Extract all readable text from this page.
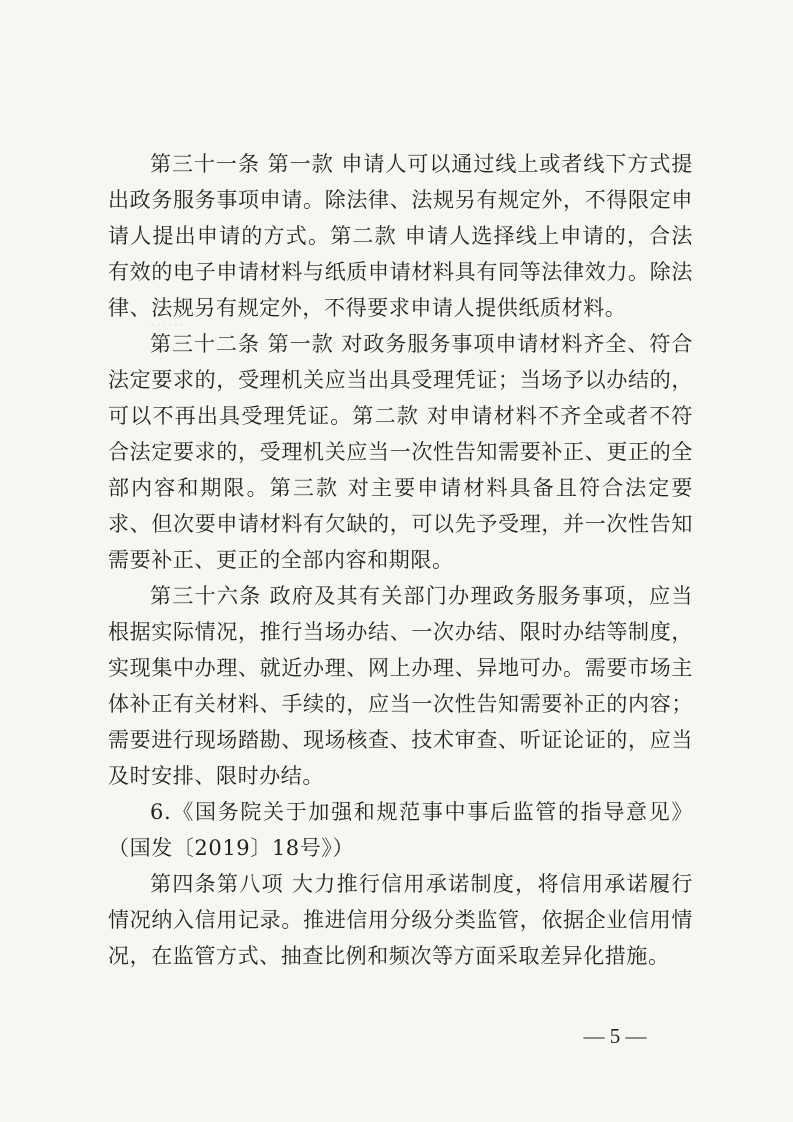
······

第三十一条 第一款 申请人可以通过线上或者线下方式提出政务服务事项申请。除法律、法规另有规定外，不得限定申请人提出申请的方式。第二款 申请人选择线上申请的，合法有效的电子申请材料与纸质申请材料具有同等法律效力。除法律、法规另有规定外，不得要求申请人提供纸质材料。

第三十二条 第一款 对政务服务事项申请材料齐全、符合法定要求的，受理机关应当出具受理凭证；当场予以办结的，可以不再出具受理凭证。第二款 对申请材料不齐全或者不符合法定要求的，受理机关应当一次性告知需要补正、更正的全部内容和期限。第三款 对主要申请材料具备且符合法定要求、但次要申请材料有欠缺的，可以先予受理，并一次性告知需要补正、更正的全部内容和期限。

第三十六条 政府及其有关部门办理政务服务事项，应当根据实际情况，推行当场办结、一次办结、限时办结等制度，实现集中办理、就近办理、网上办理、异地可办。需要市场主体补正有关材料、手续的，应当一次性告知需要补正的内容；需要进行现场踏勘、现场核查、技术审查、听证论证的，应当及时安排、限时办结。

6.《国务院关于加强和规范事中事后监管的指导意见》（国发〔2019〕18号》）

第四条第八项 大力推行信用承诺制度，将信用承诺履行情况纳入信用记录。推进信用分级分类监管，依据企业信用情况，在监管方式、抽查比例和频次等方面采取差异化措施。

— 5 —
